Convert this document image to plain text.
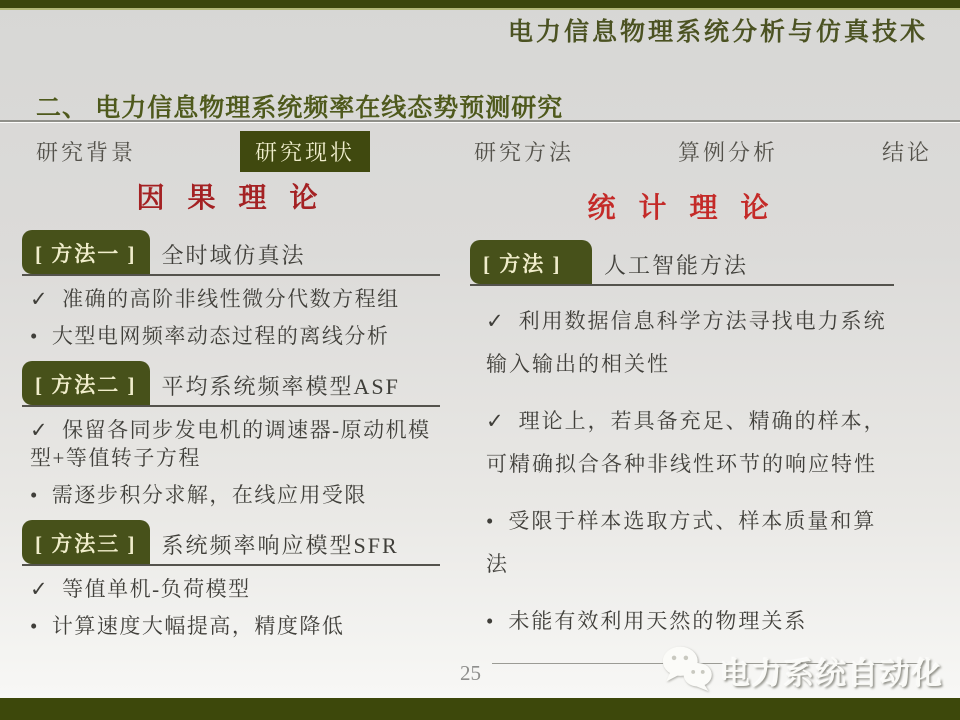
电力信息物理系统分析与仿真技术
二、 电力信息物理系统频率在线态势预测研究
研究背景	研究现状	研究方法	算例分析	结论
因 果 理 论
[ 方法一 ]	全时域仿真法
✓ 准确的高阶非线性微分代数方程组
• 大型电网频率动态过程的离线分析
[ 方法二 ]	平均系统频率模型ASF
✓ 保留各同步发电机的调速器-原动机模型+等值转子方程
• 需逐步积分求解，在线应用受限
[ 方法三 ]	系统频率响应模型SFR
✓ 等值单机-负荷模型
• 计算速度大幅提高，精度降低
统 计 理 论
[ 方法 ]	人工智能方法
✓ 利用数据信息科学方法寻找电力系统输入输出的相关性
✓ 理论上，若具备充足、精确的样本，可精确拟合各种非线性环节的响应特性
• 受限于样本选取方式、样本质量和算法
• 未能有效利用天然的物理关系
25	电力系统自动化
